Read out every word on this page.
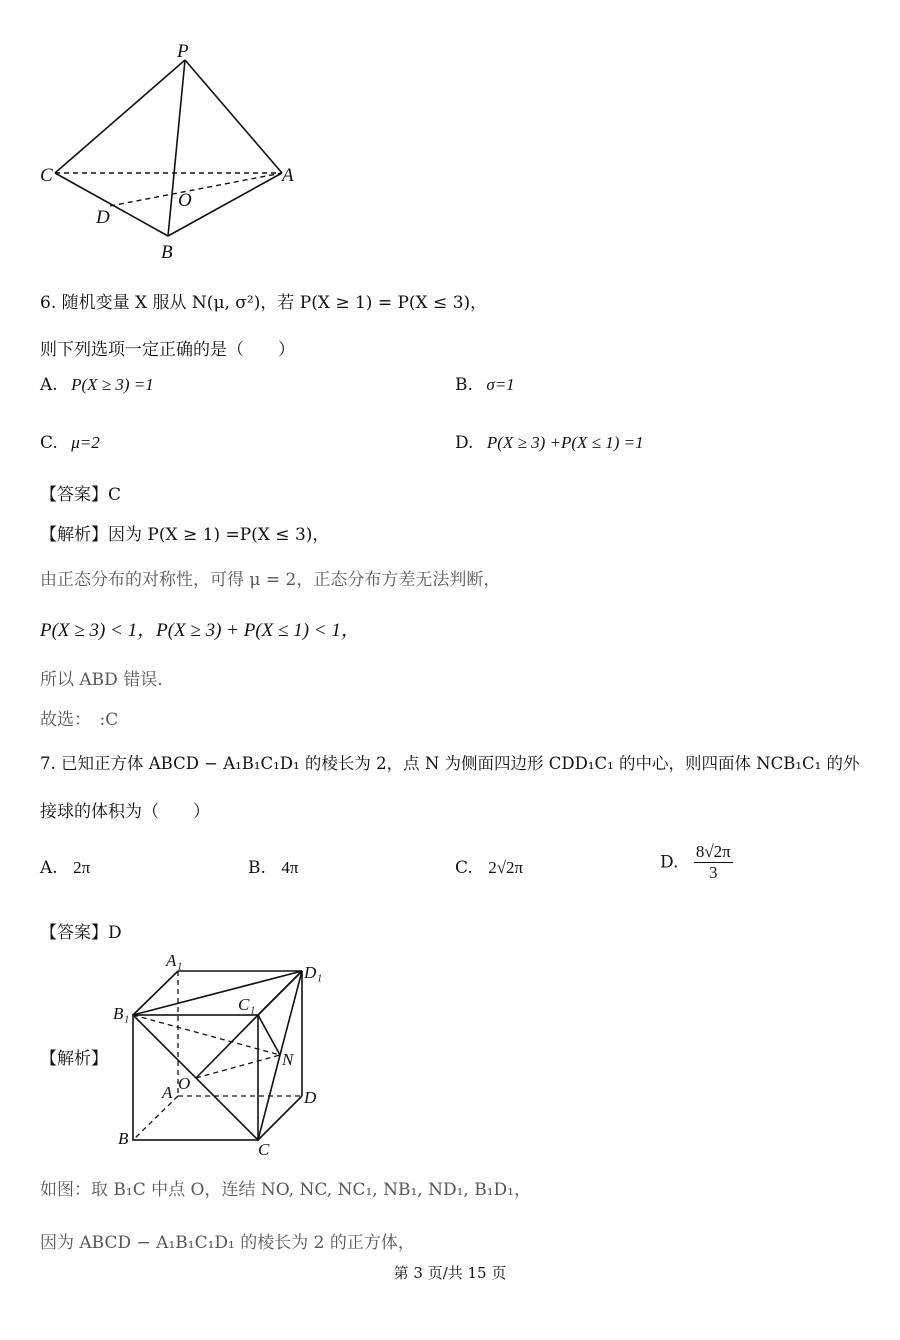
P
C	A
O
D
B
6. 随机变量 X 服从 N(μ, σ²)，若 P(X ≥ 1) = P(X ≤ 3)，
则下列选项一定正确的是（　　）
A. P(X ≥ 3) =1	B. σ=1
C. μ=2	D. P(X ≥ 3) +P(X ≤ 1) =1
【答案】C
【解析】因为 P(X ≥ 1) =P(X ≤ 3)，
由正态分布的对称性，可得 μ = 2，正态分布方差无法判断，
P(X ≥ 3) < 1，P(X ≥ 3) + P(X ≤ 1) < 1，
所以 ABD 错误.
故选：　:C
7. 已知正方体 ABCD − A₁B₁C₁D₁ 的棱长为 2，点 N 为侧面四边形 CDD₁C₁ 的中心，则四面体 NCB₁C₁ 的外
接球的体积为（　　）
A. 2π	B. 4π	C. 2√2π	D. $\frac{8√2\pi}{3}$
【答案】D
【解析】
A₁
D₁
B₁	C₁
N
O
A	D
B
C
如图：取 B₁C 中点 O，连结 NO, NC, NC₁, NB₁, ND₁, B₁D₁，
因为 ABCD − A₁B₁C₁D₁ 的棱长为 2 的正方体，
第 3 页/共 15 页
